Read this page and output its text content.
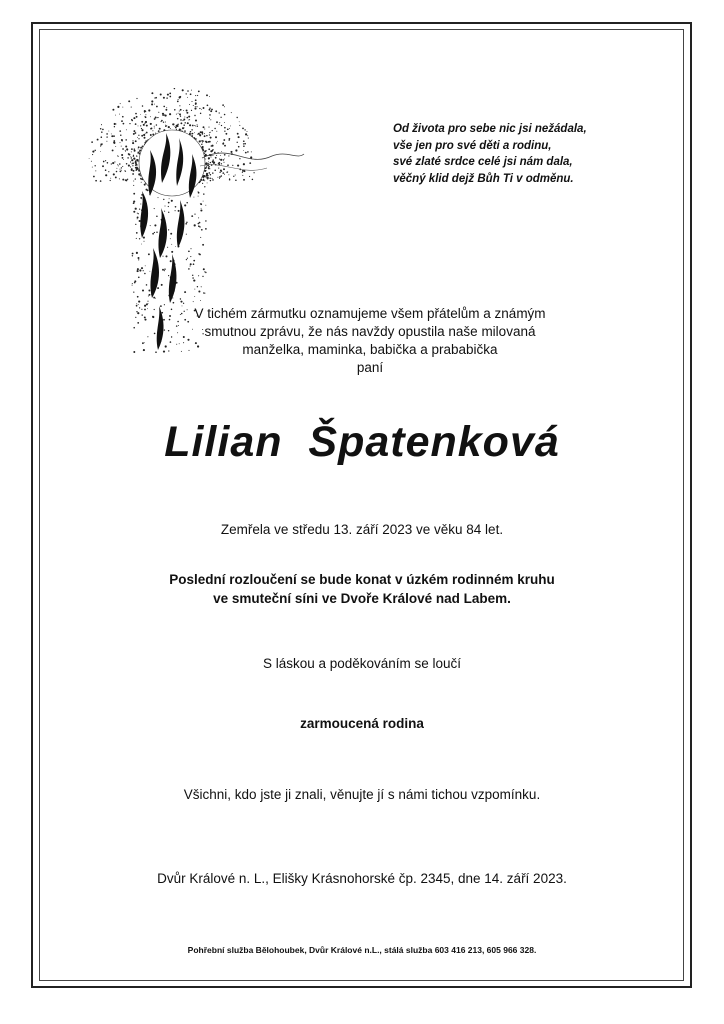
Od života pro sebe nic jsi nežádala,
vše jen pro své děti a rodinu,
své zlaté srdce celé jsi nám dala,
věčný klid dejž Bůh Ti v odměnu.
V tichém zármutku oznamujeme všem přátelům a známým
smutnou zprávu, že nás navždy opustila naše milovaná
manželka, maminka, babička a prababička
paní
Lilian  Špatenková
Zemřela ve středu 13. září 2023 ve věku 84 let.
Poslední rozloučení se bude konat v úzkém rodinném kruhu
ve smuteční síni ve Dvoře Králové nad Labem.
S láskou a poděkováním se loučí
zarmoucená rodina
Všichni, kdo jste ji znali, věnujte jí s námi tichou vzpomínku.
Dvůr Králové n. L., Elišky Krásnohorské čp. 2345, dne 14. září 2023.
Pohřební služba Bělohoubek, Dvůr Králové n.L., stálá služba 603 416 213, 605 966 328.
